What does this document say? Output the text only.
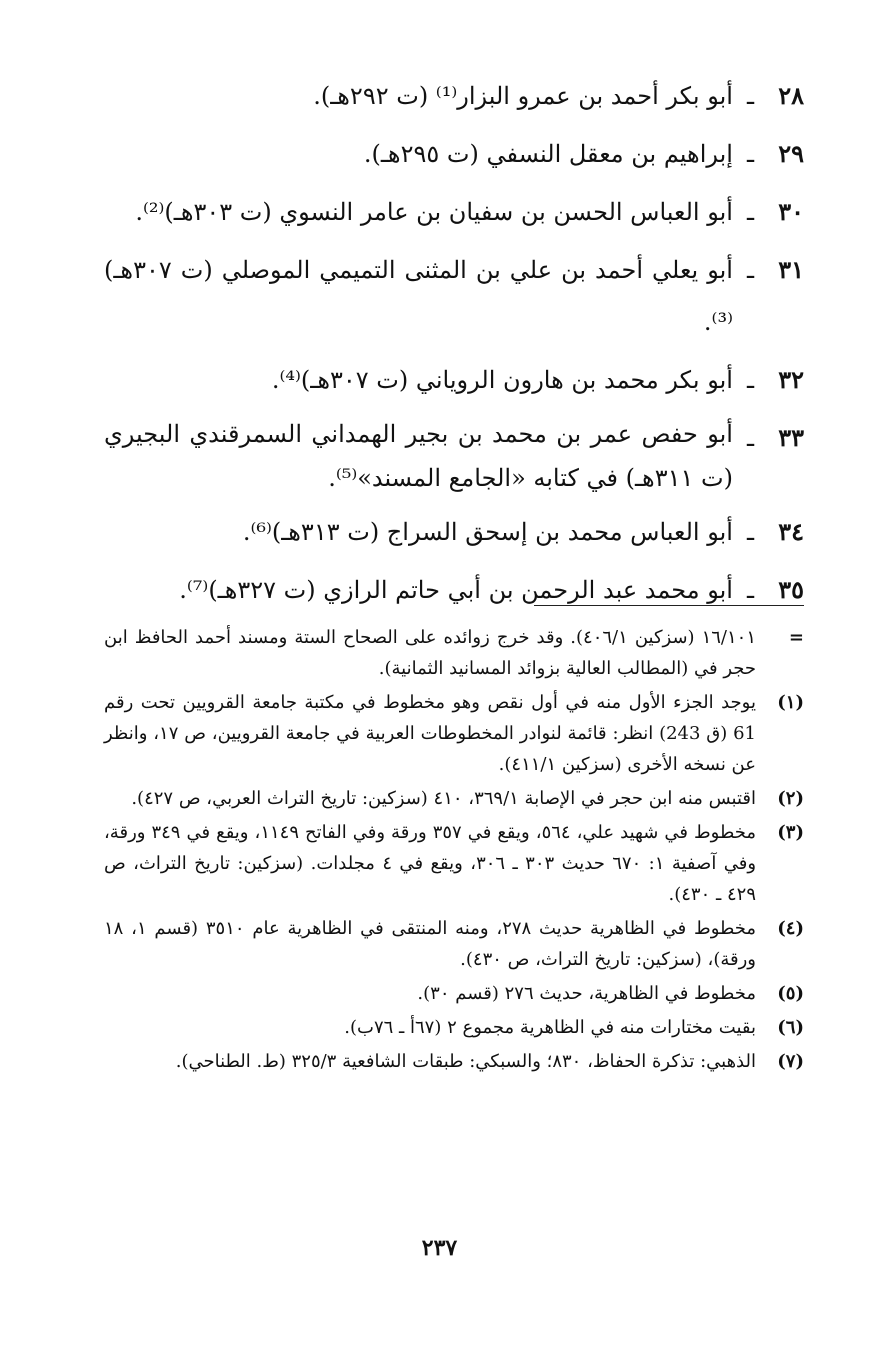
٢٨
ـ
أبو بكر أحمد بن عمرو البزار⁽¹⁾ (ت ٢٩٢هـ).
٢٩
ـ
إبراهيم بن معقل النسفي (ت ٢٩٥هـ).
٣٠
ـ
أبو العباس الحسن بن سفيان بن عامر النسوي (ت ٣٠٣هـ)⁽²⁾.
٣١
ـ
أبو يعلي أحمد بن علي بن المثنى التميمي الموصلي (ت ٣٠٧هـ)⁽³⁾.
٣٢
ـ
أبو بكر محمد بن هارون الروياني (ت ٣٠٧هـ)⁽⁴⁾.
٣٣
ـ
أبو حفص عمر بن محمد بن بجير الهمداني السمرقندي البجيري (ت ٣١١هـ) في كتابه «الجامع المسند»⁽⁵⁾.
٣٤
ـ
أبو العباس محمد بن إسحق السراج (ت ٣١٣هـ)⁽⁶⁾.
٣٥
ـ
أبو محمد عبد الرحمن بن أبي حاتم الرازي (ت ٣٢٧هـ)⁽⁷⁾.
=
١٦/١٠١ (سزكين ٤٠٦/١). وقد خرج زوائده على الصحاح الستة ومسند أحمد الحافظ ابن حجر في (المطالب العالية بزوائد المسانيد الثمانية).
(١)
يوجد الجزء الأول منه في أول نقص وهو مخطوط في مكتبة جامعة القرويين تحت رقم 61 (ق 243) انظر: قائمة لنوادر المخطوطات العربية في جامعة القرويين، ص ١٧، وانظر عن نسخه الأخرى (سزكين ٤١١/١).
(٢)
اقتبس منه ابن حجر في الإصابة ٣٦٩/١، ٤١٠ (سزكين: تاريخ التراث العربي، ص ٤٢٧).
(٣)
مخطوط في شهيد علي، ٥٦٤، ويقع في ٣٥٧ ورقة وفي الفاتح ١١٤٩، ويقع في ٣٤٩ ورقة، وفي آصفية ١: ٦٧٠ حديث ٣٠٣ ـ ٣٠٦، ويقع في ٤ مجلدات. (سزكين: تاريخ التراث، ص ٤٢٩ ـ ٤٣٠).
(٤)
مخطوط في الظاهرية حديث ٢٧٨، ومنه المنتقى في الظاهرية عام ٣٥١٠ (قسم ١، ١٨ ورقة)، (سزكين: تاريخ التراث، ص ٤٣٠).
(٥)
مخطوط في الظاهرية، حديث ٢٧٦ (قسم ٣٠).
(٦)
بقيت مختارات منه في الظاهرية مجموع ٢ (٦٧أ ـ ٧٦ب).
(٧)
الذهبي: تذكرة الحفاظ، ٨٣٠؛ والسبكي: طبقات الشافعية ٣٢٥/٣ (ط. الطناحي).
٢٣٧
